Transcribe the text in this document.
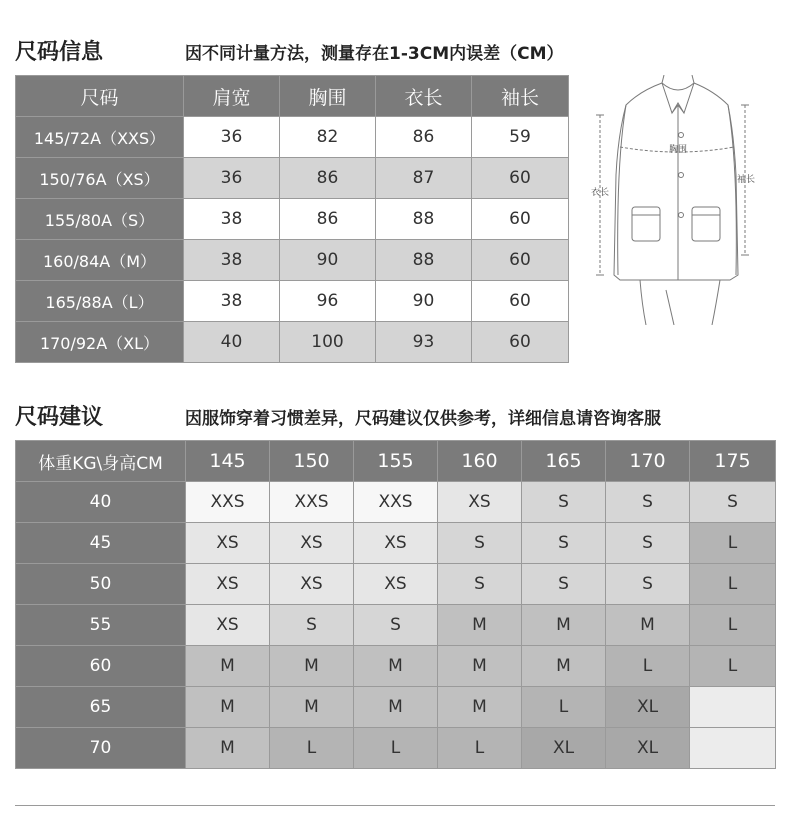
尺码信息	因不同计量方法，测量存在1-3CM内误差（CM）
尺码	肩宽	胸围	衣长	袖长
145/72A（XXS）	36	82	86	59
150/76A（XS）	36	86	87	60
155/80A（S）	38	86	88	60
160/84A（M）	38	90	88	60
165/88A（L）	38	96	90	60
170/92A（XL）	40	100	93	60
胸围
衣长
袖长
尺码建议	因服饰穿着习惯差异，尺码建议仅供参考，详细信息请咨询客服
体重KG\身高CM	145	150	155	160	165	170	175
40	XXS	XXS	XXS	XS	S	S	S
45	XS	XS	XS	S	S	S	L
50	XS	XS	XS	S	S	S	L
55	XS	S	S	M	M	M	L
60	M	M	M	M	M	L	L
65	M	M	M	M	L	XL	
70	M	L	L	L	XL	XL	
